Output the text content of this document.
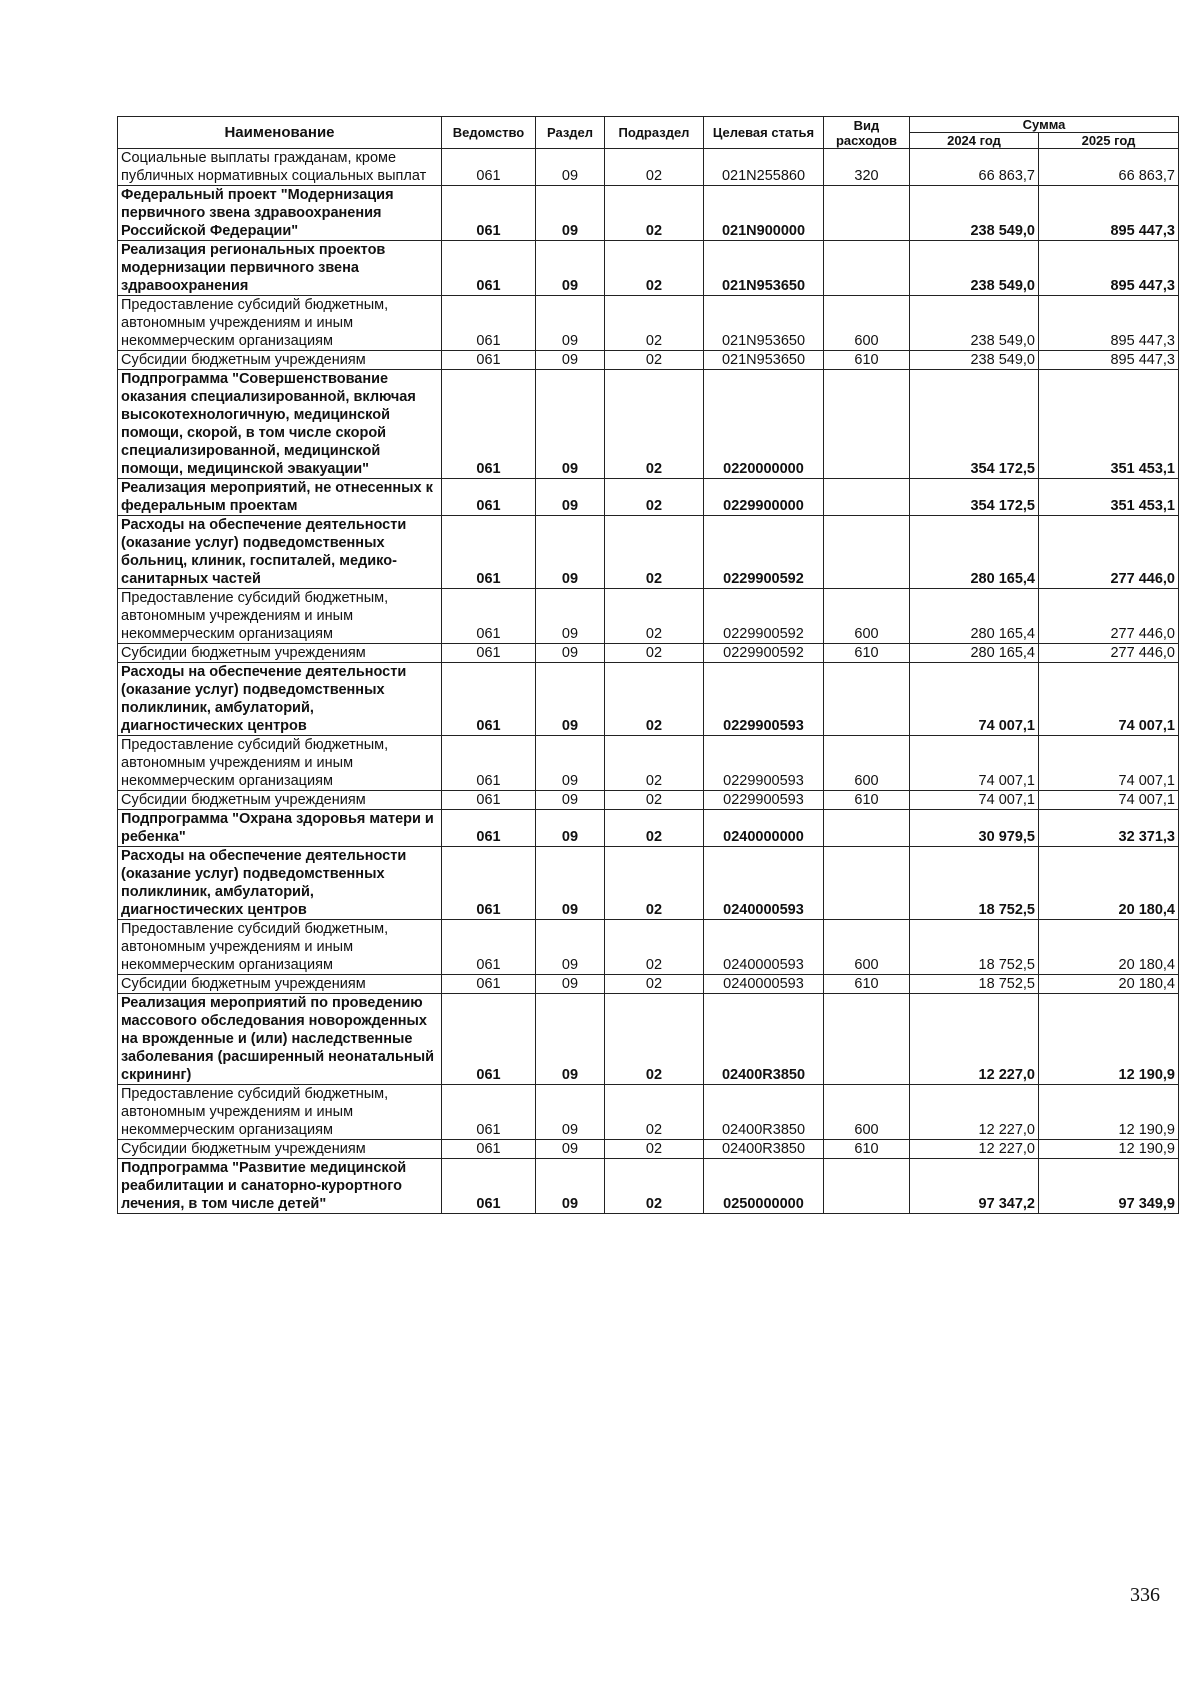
Наименование	Ведомство	Раздел	Подраздел	Целевая статья	Вид расходов	Сумма	
						2024 год	2025 год
Социальные выплаты гражданам, кроме публичных нормативных социальных выплат	061	09	02	021N255860	320	66 863,7	66 863,7
Федеральный проект "Модернизация первичного звена здравоохранения Российской Федерации"	061	09	02	021N900000		238 549,0	895 447,3
Реализация региональных проектов модернизации первичного звена здравоохранения	061	09	02	021N953650		238 549,0	895 447,3
Предоставление субсидий бюджетным, автономным учреждениям и иным некоммерческим организациям	061	09	02	021N953650	600	238 549,0	895 447,3
Субсидии бюджетным учреждениям	061	09	02	021N953650	610	238 549,0	895 447,3
Подпрограмма "Совершенствование оказания специализированной, включая высокотехнологичную, медицинской помощи, скорой, в том числе скорой специализированной, медицинской помощи, медицинской эвакуации"	061	09	02	0220000000		354 172,5	351 453,1
Реализация мероприятий, не отнесенных к федеральным проектам	061	09	02	0229900000		354 172,5	351 453,1
Расходы на обеспечение деятельности (оказание услуг) подведомственных больниц, клиник, госпиталей, медико-санитарных частей	061	09	02	0229900592		280 165,4	277 446,0
Предоставление субсидий бюджетным, автономным учреждениям и иным некоммерческим организациям	061	09	02	0229900592	600	280 165,4	277 446,0
Субсидии бюджетным учреждениям	061	09	02	0229900592	610	280 165,4	277 446,0
Расходы на обеспечение деятельности (оказание услуг) подведомственных поликлиник, амбулаторий, диагностических центров	061	09	02	0229900593		74 007,1	74 007,1
Предоставление субсидий бюджетным, автономным учреждениям и иным некоммерческим организациям	061	09	02	0229900593	600	74 007,1	74 007,1
Субсидии бюджетным учреждениям	061	09	02	0229900593	610	74 007,1	74 007,1
Подпрограмма "Охрана здоровья матери и ребенка"	061	09	02	0240000000		30 979,5	32 371,3
Расходы на обеспечение деятельности (оказание услуг) подведомственных поликлиник, амбулаторий, диагностических центров	061	09	02	0240000593		18 752,5	20 180,4
Предоставление субсидий бюджетным, автономным учреждениям и иным некоммерческим организациям	061	09	02	0240000593	600	18 752,5	20 180,4
Субсидии бюджетным учреждениям	061	09	02	0240000593	610	18 752,5	20 180,4
Реализация мероприятий по проведению массового обследования новорожденных на врожденные и (или) наследственные заболевания (расширенный неонатальный скрининг)	061	09	02	02400R3850		12 227,0	12 190,9
Предоставление субсидий бюджетным, автономным учреждениям и иным некоммерческим организациям	061	09	02	02400R3850	600	12 227,0	12 190,9
Субсидии бюджетным учреждениям	061	09	02	02400R3850	610	12 227,0	12 190,9
Подпрограмма "Развитие медицинской реабилитации и санаторно-курортного лечения, в том числе детей"	061	09	02	0250000000		97 347,2	97 349,9
336
